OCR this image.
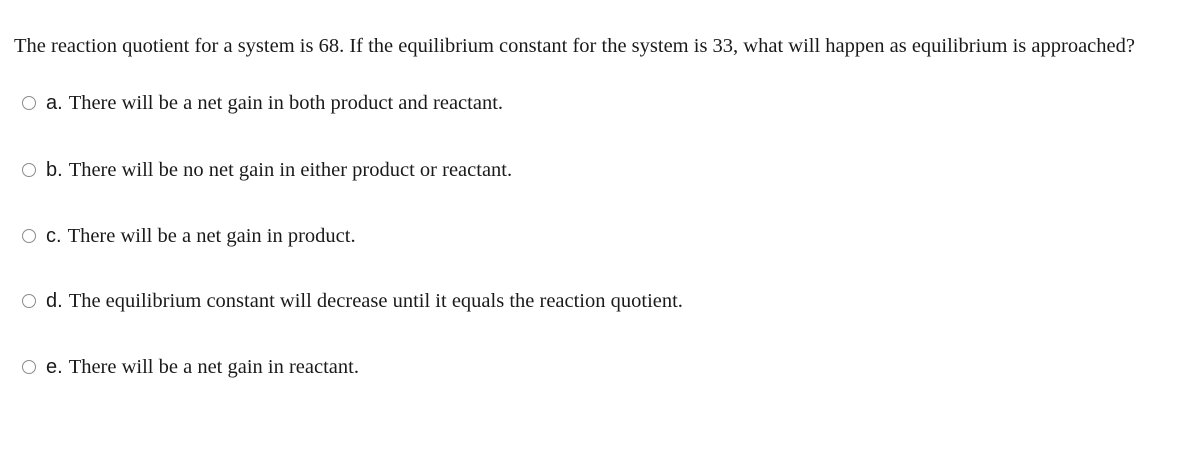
The reaction quotient for a system is 68. If the equilibrium constant for the system is 33, what will happen as equilibrium is approached?
a. There will be a net gain in both product and reactant.
b. There will be no net gain in either product or reactant.
c. There will be a net gain in product.
d. The equilibrium constant will decrease until it equals the reaction quotient.
e. There will be a net gain in reactant.
